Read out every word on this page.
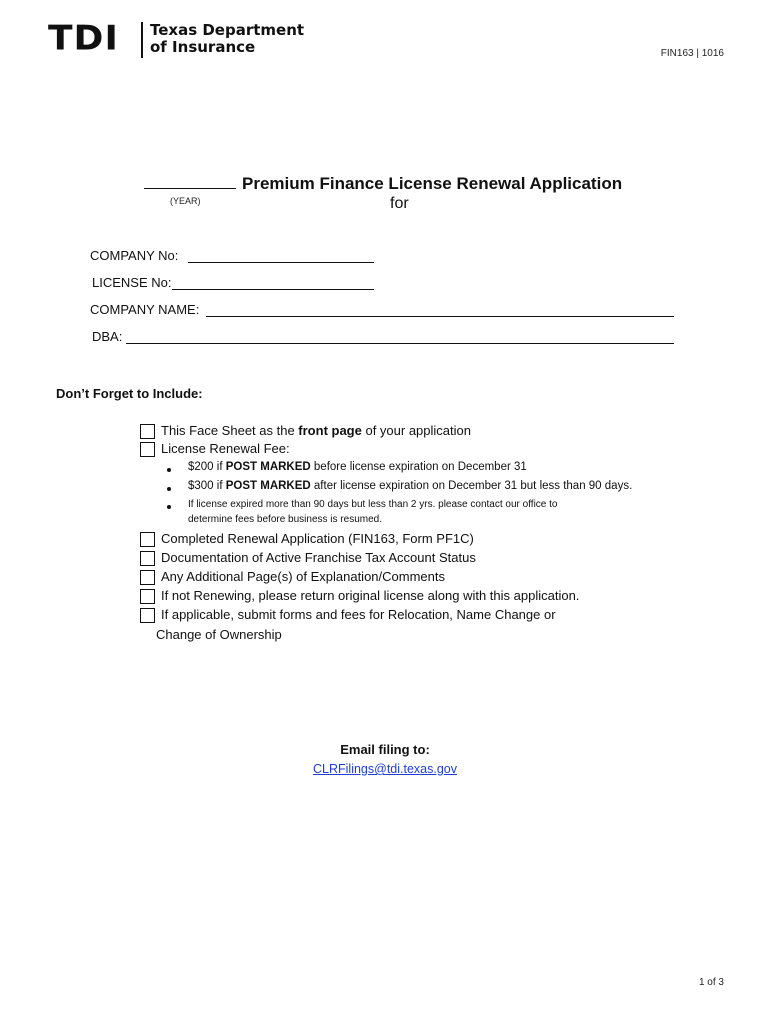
TDI Texas Department
of Insurance	FIN163 | 1016
Premium Finance License Renewal Application
(YEAR)	for
COMPANY No:
LICENSE No:
COMPANY NAME:
DBA:
Don’t Forget to Include:
This Face Sheet as the front page of your application
License Renewal Fee:
$200 if POST MARKED before license expiration on December 31
$300 if POST MARKED after license expiration on December 31 but less than 90 days.
If license expired more than 90 days but less than 2 yrs. please contact our office to
determine fees before business is resumed.
Completed Renewal Application (FIN163, Form PF1C)
Documentation of Active Franchise Tax Account Status
Any Additional Page(s) of Explanation/Comments
If not Renewing, please return original license along with this application.
If applicable, submit forms and fees for Relocation, Name Change or
Change of Ownership
Email filing to:
CLRFilings@tdi.texas.gov
1 of 3
